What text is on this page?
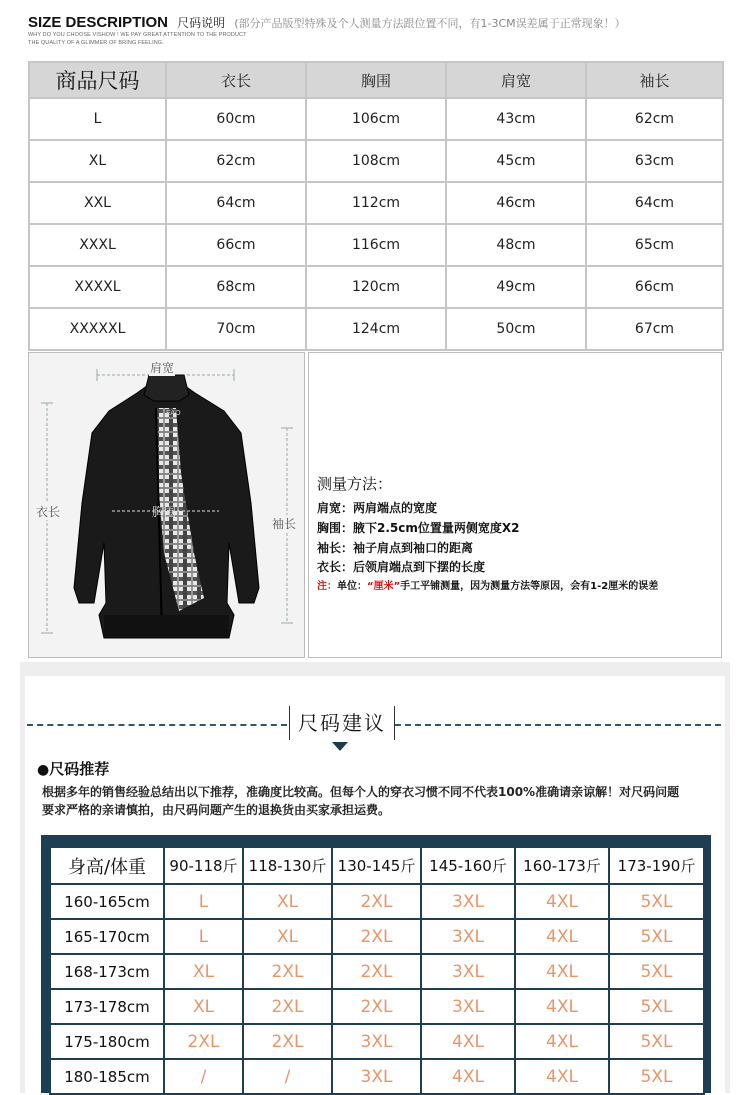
SIZE DESCRIPTION 尺码说明 (部分产品版型特殊及个人测量方法跟位置不同，有1-3CM误差属于正常现象！）
WHY DO YOU CHOOSE VISHOW ! WE PAY GREAT ATTENTION TO THE PRODUCT
THE QUALITY OF A GLIMMER OF BRING FEELING.
商品尺码	衣长	胸围	肩宽	袖长
L	60cm	106cm	43cm	62cm
XL	62cm	108cm	45cm	63cm
XXL	64cm	112cm	46cm	64cm
XXXL	66cm	116cm	48cm	65cm
XXXXL	68cm	120cm	49cm	66cm
XXXXXL	70cm	124cm	50cm	67cm
EAO
肩宽
衣长	胸围
袖长
测量方法：
肩宽：两肩端点的宽度
胸围：腋下2.5cm位置量两侧宽度X2
袖长：袖子肩点到袖口的距离
衣长：后领肩端点到下摆的长度
注：单位：“厘米”手工平铺测量，因为测量方法等原因，会有1-2厘米的误差
尺码建议
●尺码推荐
根据多年的销售经验总结出以下推荐，准确度比较高。但每个人的穿衣习惯不同不代表100%准确请亲谅解！对尺码问题要求严格的亲请慎拍，由尺码问题产生的退换货由买家承担运费。
身高/体重	90-118斤	118-130斤	130-145斤	145-160斤	160-173斤	173-190斤
160-165cm	L	XL	2XL	3XL	4XL	5XL
165-170cm	L	XL	2XL	3XL	4XL	5XL
168-173cm	XL	2XL	2XL	3XL	4XL	5XL
173-178cm	XL	2XL	2XL	3XL	4XL	5XL
175-180cm	2XL	2XL	3XL	4XL	4XL	5XL
180-185cm	/	/	3XL	4XL	4XL	5XL
